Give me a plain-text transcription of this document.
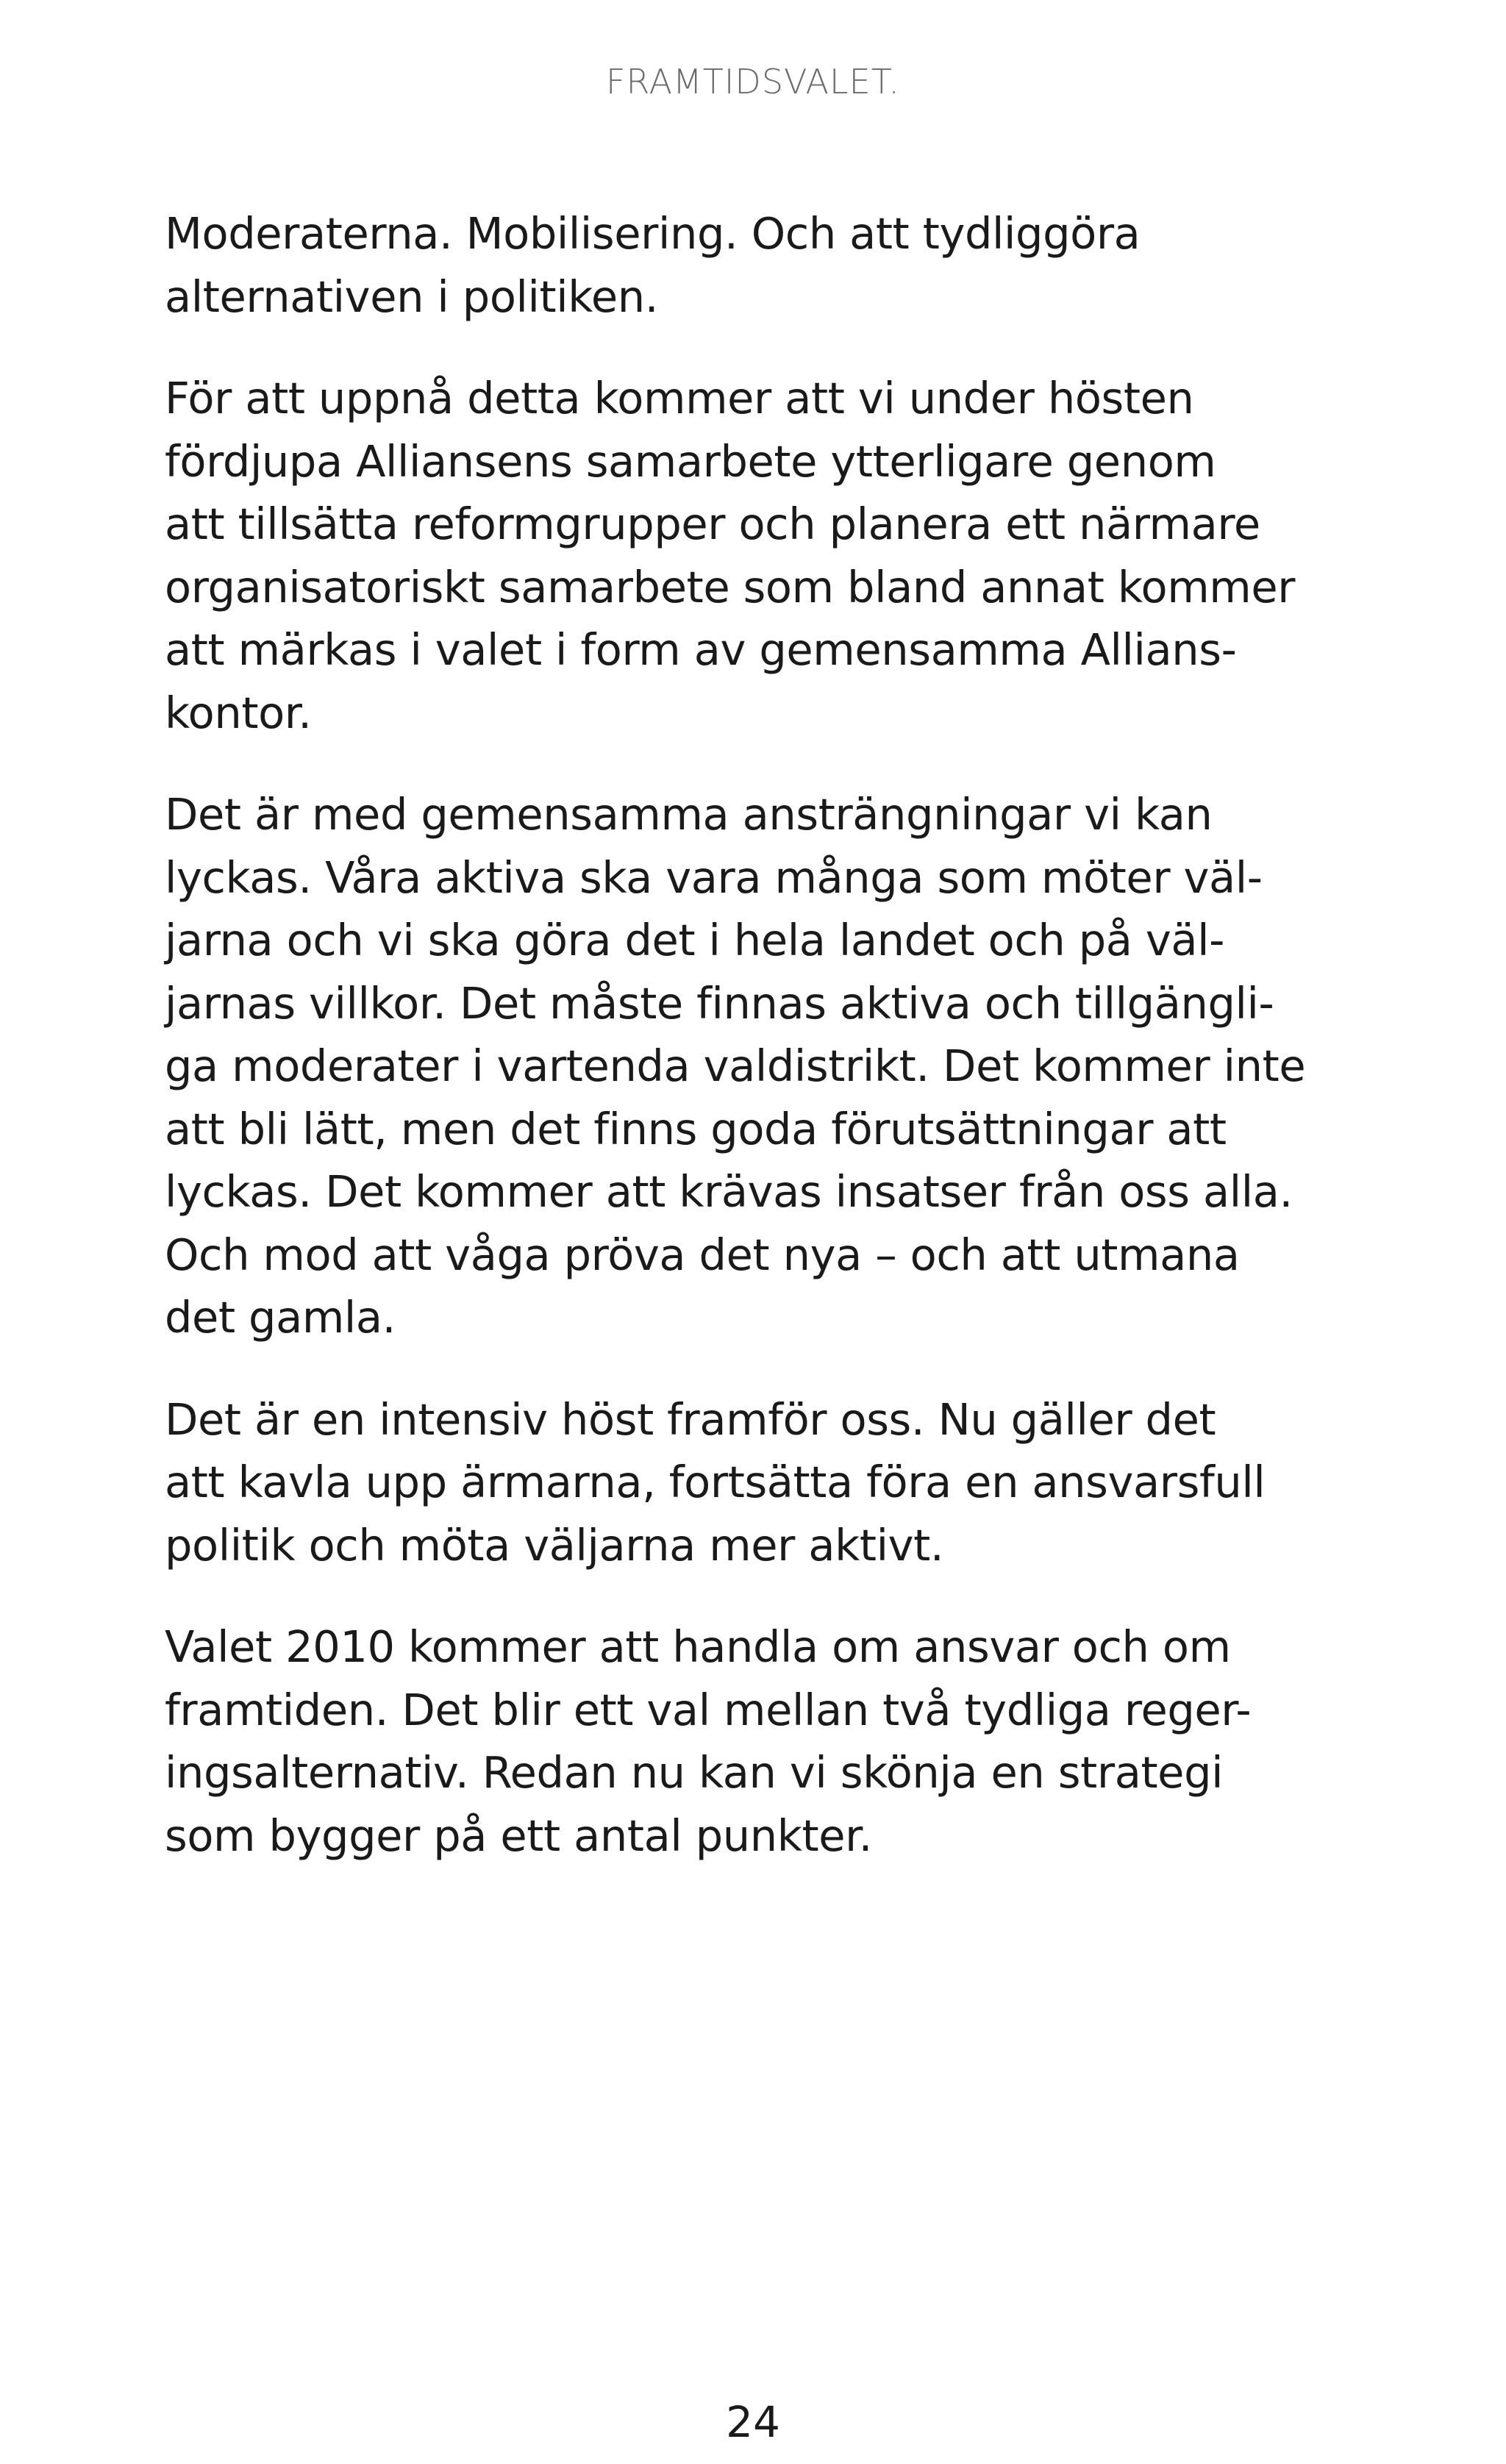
FRAMTIDSVALET.

Moderaterna. Mobilisering. Och att tydliggöra
alternativen i politiken.

För att uppnå detta kommer att vi under hösten
fördjupa Alliansens samarbete ytterligare genom
att tillsätta reformgrupper och planera ett närmare
organisatoriskt samarbete som bland annat kommer
att märkas i valet i form av gemensamma Allians-
kontor.

Det är med gemensamma ansträngningar vi kan
lyckas. Våra aktiva ska vara många som möter väl-
jarna och vi ska göra det i hela landet och på väl-
jarnas villkor. Det måste finnas aktiva och tillgängli-
ga moderater i vartenda valdistrikt. Det kommer inte
att bli lätt, men det finns goda förutsättningar att
lyckas. Det kommer att krävas insatser från oss alla.
Och mod att våga pröva det nya – och att utmana
det gamla.

Det är en intensiv höst framför oss. Nu gäller det
att kavla upp ärmarna, fortsätta föra en ansvarsfull
politik och möta väljarna mer aktivt.

Valet 2010 kommer att handla om ansvar och om
framtiden. Det blir ett val mellan två tydliga reger-
ingsalternativ. Redan nu kan vi skönja en strategi
som bygger på ett antal punkter.

24
